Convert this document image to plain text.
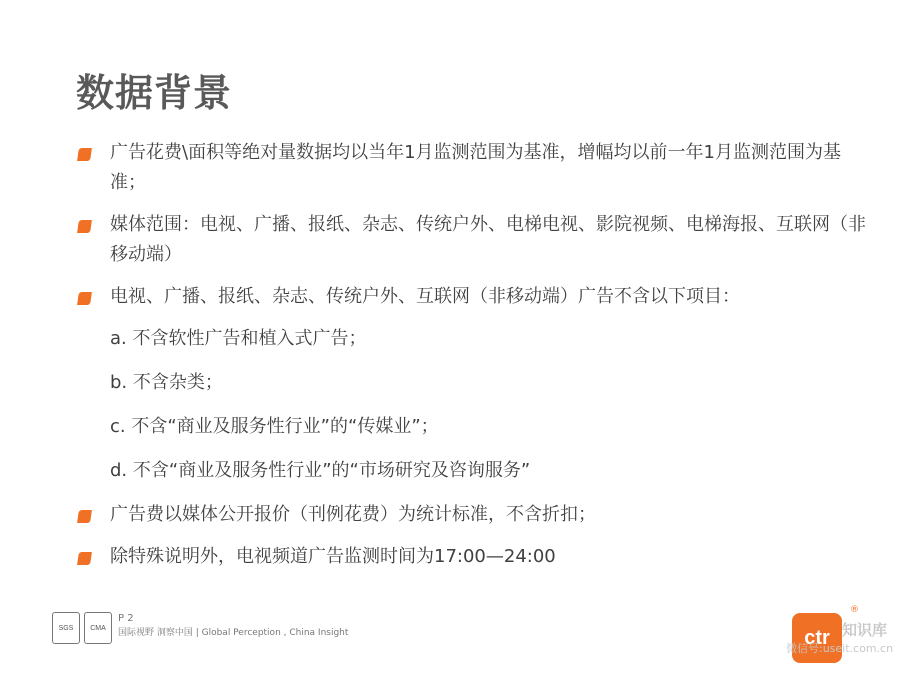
数据背景
广告花费\面积等绝对量数据均以当年1月监测范围为基准，增幅均以前一年1月监测范围为基准；
媒体范围：电视、广播、报纸、杂志、传统户外、电梯电视、影院视频、电梯海报、互联网（非移动端）
电视、广播、报纸、杂志、传统户外、互联网（非移动端）广告不含以下项目：
a. 不含软性广告和植入式广告；
b. 不含杂类；
c. 不含“商业及服务性行业”的“传媒业”；
d. 不含“商业及服务性行业”的“市场研究及咨询服务”
广告费以媒体公开报价（刊例花费）为统计标准，不含折扣；
除特殊说明外，电视频道广告监测时间为17:00—24:00
SGS	CMA
P 2
国际视野 洞察中国 | Global Perception , China Insight	ctr
®
知识库
微信号:useit.com.cn
